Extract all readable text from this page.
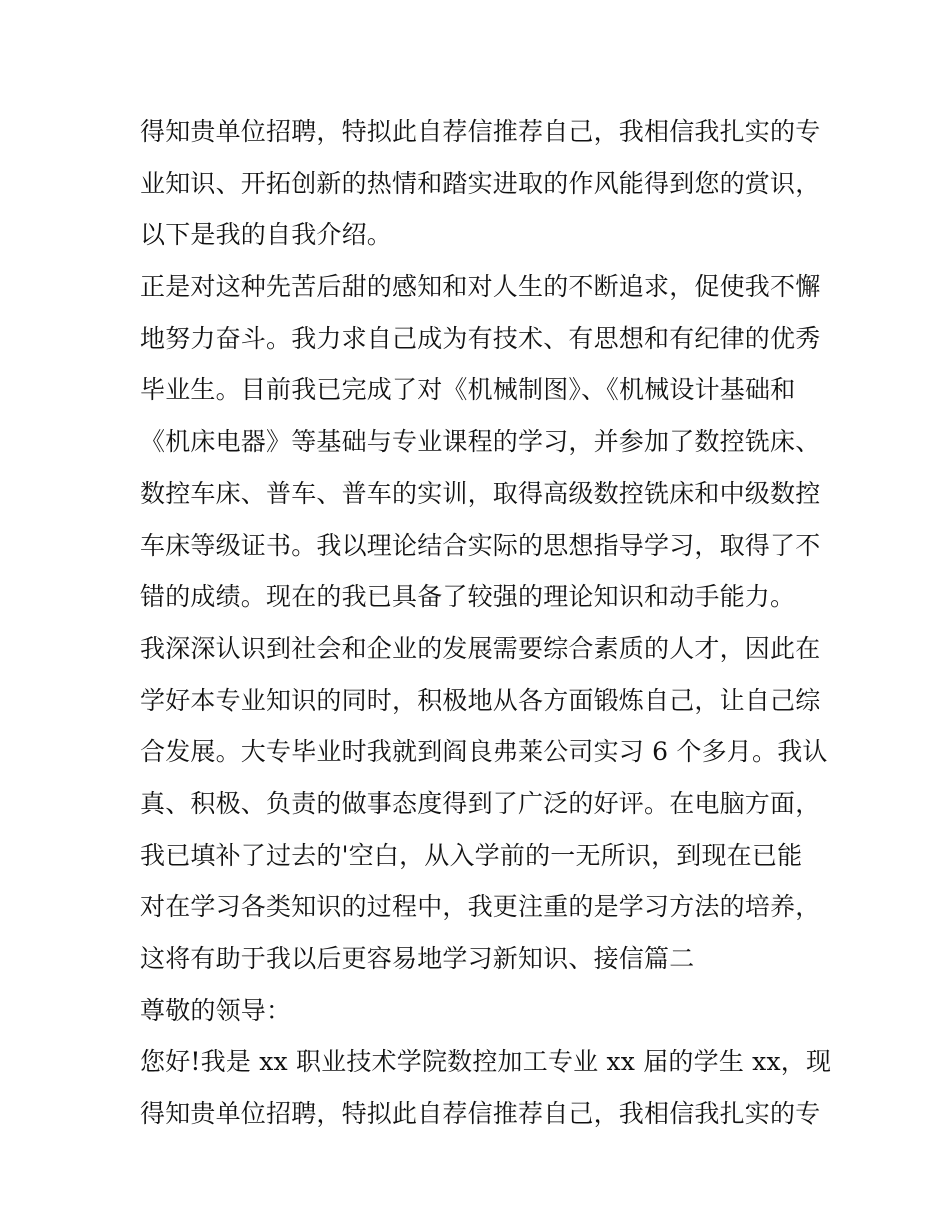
得知贵单位招聘，特拟此自荐信推荐自己，我相信我扎实的专
业知识、开拓创新的热情和踏实进取的作风能得到您的赏识，
以下是我的自我介绍。
正是对这种先苦后甜的感知和对人生的不断追求，促使我不懈
地努力奋斗。我力求自己成为有技术、有思想和有纪律的优秀
毕业生。目前我已完成了对《机械制图》、《机械设计基础和
《机床电器》等基础与专业课程的学习，并参加了数控铣床、
数控车床、普车、普车的实训，取得高级数控铣床和中级数控
车床等级证书。我以理论结合实际的思想指导学习，取得了不
错的成绩。现在的我已具备了较强的理论知识和动手能力。
我深深认识到社会和企业的发展需要综合素质的人才，因此在
学好本专业知识的同时，积极地从各方面锻炼自己，让自己综
合发展。大专毕业时我就到阎良弗莱公司实习 6 个多月。我认
真、积极、负责的做事态度得到了广泛的好评。在电脑方面，
我已填补了过去的'空白，从入学前的一无所识，到现在已能
对在学习各类知识的过程中，我更注重的是学习方法的培养，
这将有助于我以后更容易地学习新知识、接信篇二
尊敬的领导：
您好!我是 xx 职业技术学院数控加工专业 xx 届的学生 xx，现
得知贵单位招聘，特拟此自荐信推荐自己，我相信我扎实的专
